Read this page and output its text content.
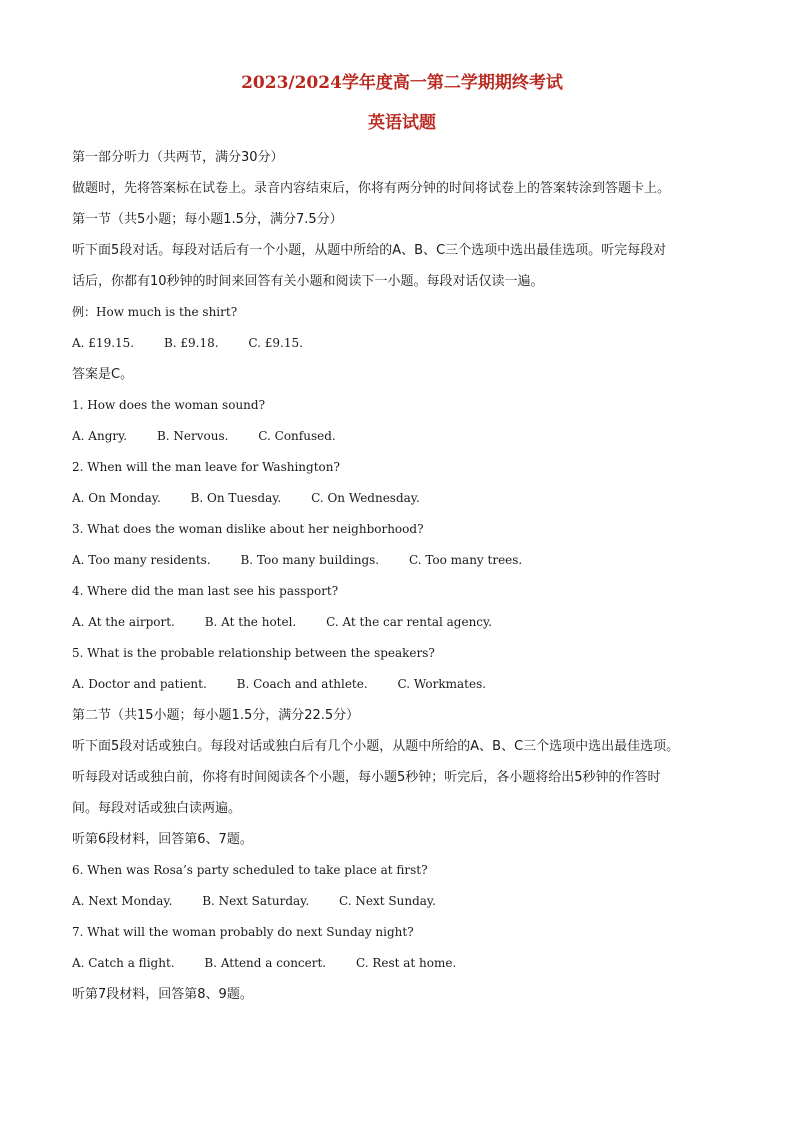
2023/2024学年度高一第二学期期终考试
英语试题
第一部分听力（共两节，满分30分）
做题时，先将答案标在试卷上。录音内容结束后，你将有两分钟的时间将试卷上的答案转涂到答题卡上。
第一节（共5小题；每小题1.5分，满分7.5分）
听下面5段对话。每段对话后有一个小题，从题中所给的A、B、C三个选项中选出最佳选项。听完每段对
话后，你都有10秒钟的时间来回答有关小题和阅读下一小题。每段对话仅读一遍。
例：How much is the shirt?
A. £19.15. B. £9.18. C. £9.15.
答案是C。
1. How does the woman sound?
A. Angry. B. Nervous. C. Confused.
2. When will the man leave for Washington?
A. On Monday. B. On Tuesday. C. On Wednesday.
3. What does the woman dislike about her neighborhood?
A. Too many residents. B. Too many buildings. C. Too many trees.
4. Where did the man last see his passport?
A. At the airport. B. At the hotel. C. At the car rental agency.
5. What is the probable relationship between the speakers?
A. Doctor and patient. B. Coach and athlete. C. Workmates.
第二节（共15小题；每小题1.5分，满分22.5分）
听下面5段对话或独白。每段对话或独白后有几个小题，从题中所给的A、B、C三个选项中选出最佳选项。
听每段对话或独白前，你将有时间阅读各个小题，每小题5秒钟；听完后，各小题将给出5秒钟的作答时
间。每段对话或独白读两遍。
听第6段材料，回答第6、7题。
6. When was Rosa’s party scheduled to take place at first?
A. Next Monday. B. Next Saturday. C. Next Sunday.
7. What will the woman probably do next Sunday night?
A. Catch a flight. B. Attend a concert. C. Rest at home.
听第7段材料，回答第8、9题。
